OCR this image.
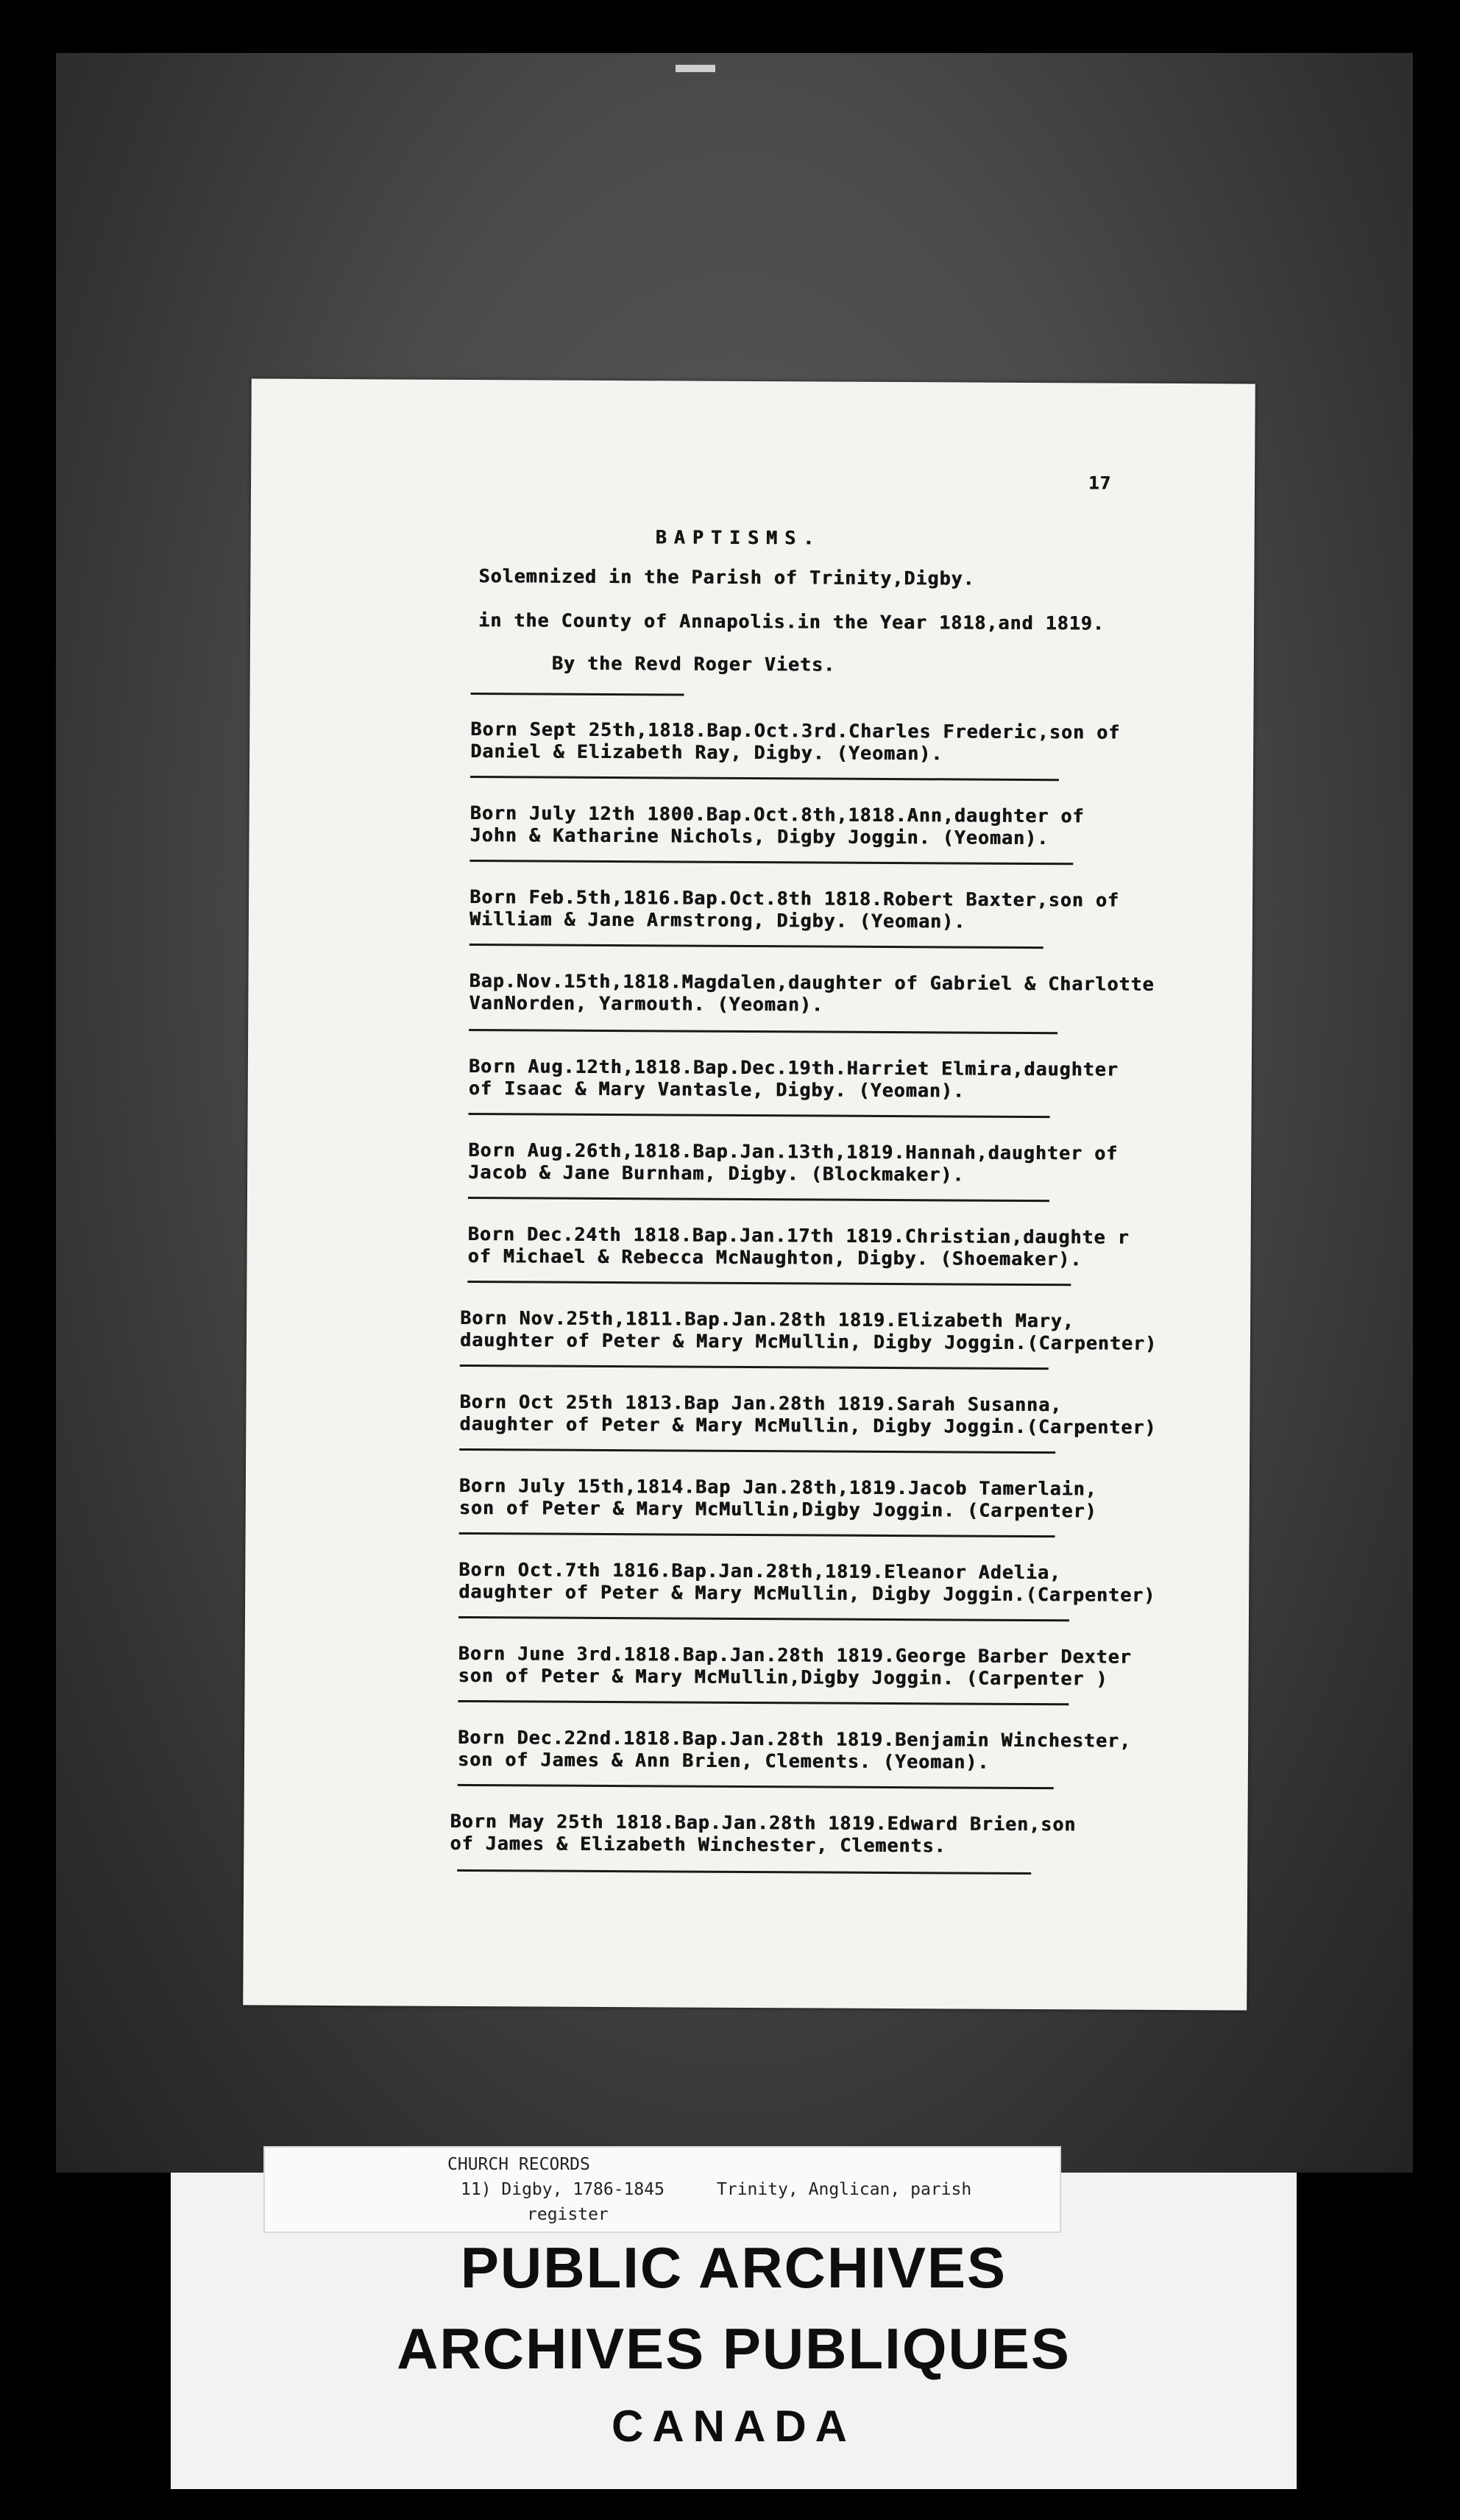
17
BAPTISMS.
Solemnized in the Parish of Trinity,Digby.
in the County of Annapolis.in the Year 1818,and 1819.
By the Revd Roger Viets.
Born Sept 25th,1818.Bap.Oct.3rd.Charles Frederic,son of
Daniel & Elizabeth Ray, Digby. (Yeoman).
Born July 12th 1800.Bap.Oct.8th,1818.Ann,daughter of
John & Katharine Nichols, Digby Joggin. (Yeoman).
Born Feb.5th,1816.Bap.Oct.8th 1818.Robert Baxter,son of
William & Jane Armstrong, Digby. (Yeoman).
Bap.Nov.15th,1818.Magdalen,daughter of Gabriel & Charlotte
VanNorden, Yarmouth. (Yeoman).
Born Aug.12th,1818.Bap.Dec.19th.Harriet Elmira,daughter
of Isaac & Mary Vantasle, Digby. (Yeoman).
Born Aug.26th,1818.Bap.Jan.13th,1819.Hannah,daughter of
Jacob & Jane Burnham, Digby. (Blockmaker).
Born Dec.24th 1818.Bap.Jan.17th 1819.Christian,daughte r
of Michael & Rebecca McNaughton, Digby. (Shoemaker).
Born Nov.25th,1811.Bap.Jan.28th 1819.Elizabeth Mary,
daughter of Peter & Mary McMullin, Digby Joggin.(Carpenter)
Born Oct 25th 1813.Bap Jan.28th 1819.Sarah Susanna,
daughter of Peter & Mary McMullin, Digby Joggin.(Carpenter)
Born July 15th,1814.Bap Jan.28th,1819.Jacob Tamerlain,
son of Peter & Mary McMullin,Digby Joggin. (Carpenter)
Born Oct.7th 1816.Bap.Jan.28th,1819.Eleanor Adelia,
daughter of Peter & Mary McMullin, Digby Joggin.(Carpenter)
Born June 3rd.1818.Bap.Jan.28th 1819.George Barber Dexter
son of Peter & Mary McMullin,Digby Joggin. (Carpenter )
Born Dec.22nd.1818.Bap.Jan.28th 1819.Benjamin Winchester,
son of James & Ann Brien, Clements. (Yeoman).
Born May 25th 1818.Bap.Jan.28th 1819.Edward Brien,son
of James & Elizabeth Winchester, Clements.
CHURCH RECORDS
11) Digby, 1786-1845	Trinity, Anglican, parish
register
PUBLIC ARCHIVES
ARCHIVES PUBLIQUES
CANADA
